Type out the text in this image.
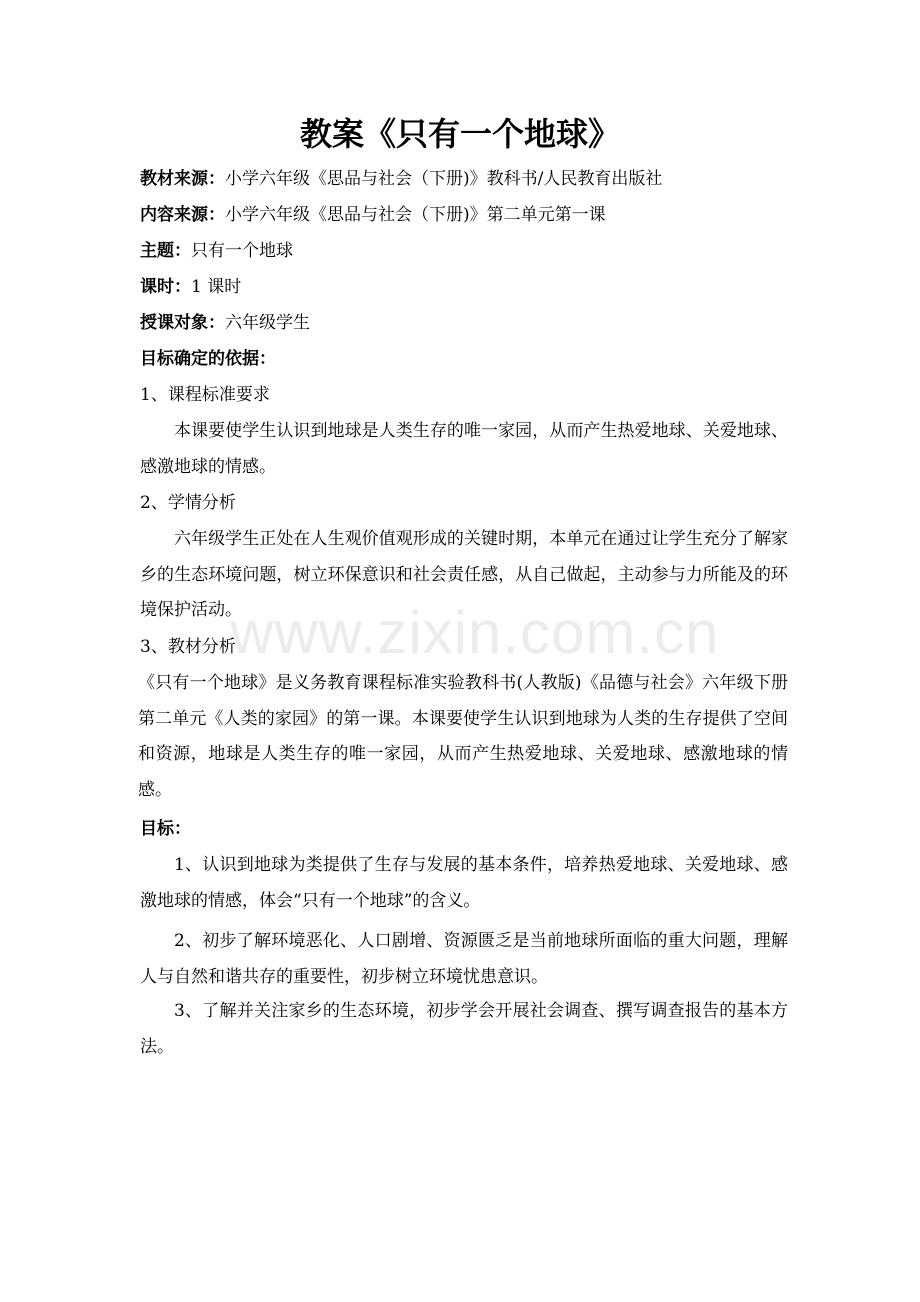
教案《只有一个地球》
教材来源：小学六年级《思品与社会（下册)》教科书/人民教育出版社
内容来源：小学六年级《思品与社会（下册)》第二单元第一课
主题：只有一个地球
课时：1 课时
授课对象：六年级学生
目标确定的依据：
1、课程标准要求

本课要使学生认识到地球是人类生存的唯一家园，从而产生热爱地球、关爱地球、感激地球的情感。

2、学情分析

六年级学生正处在人生观价值观形成的关键时期，本单元在通过让学生充分了解家乡的生态环境问题，树立环保意识和社会责任感，从自己做起，主动参与力所能及的环境保护活动。

3、教材分析

《只有一个地球》是义务教育课程标准实验教科书(人教版)《品德与社会》六年级下册第二单元《人类的家园》的第一课。本课要使学生认识到地球为人类的生存提供了空间和资源，地球是人类生存的唯一家园，从而产生热爱地球、关爱地球、感激地球的情感。

目标：

1、认识到地球为类提供了生存与发展的基本条件，培养热爱地球、关爱地球、感激地球的情感，体会“只有一个地球”的含义。

2、初步了解环境恶化、人口剧增、资源匮乏是当前地球所面临的重大问题，理解人与自然和谐共存的重要性，初步树立环境忧患意识。

3、了解并关注家乡的生态环境，初步学会开展社会调查、撰写调查报告的基本方法。

www.zixin.com.cn
